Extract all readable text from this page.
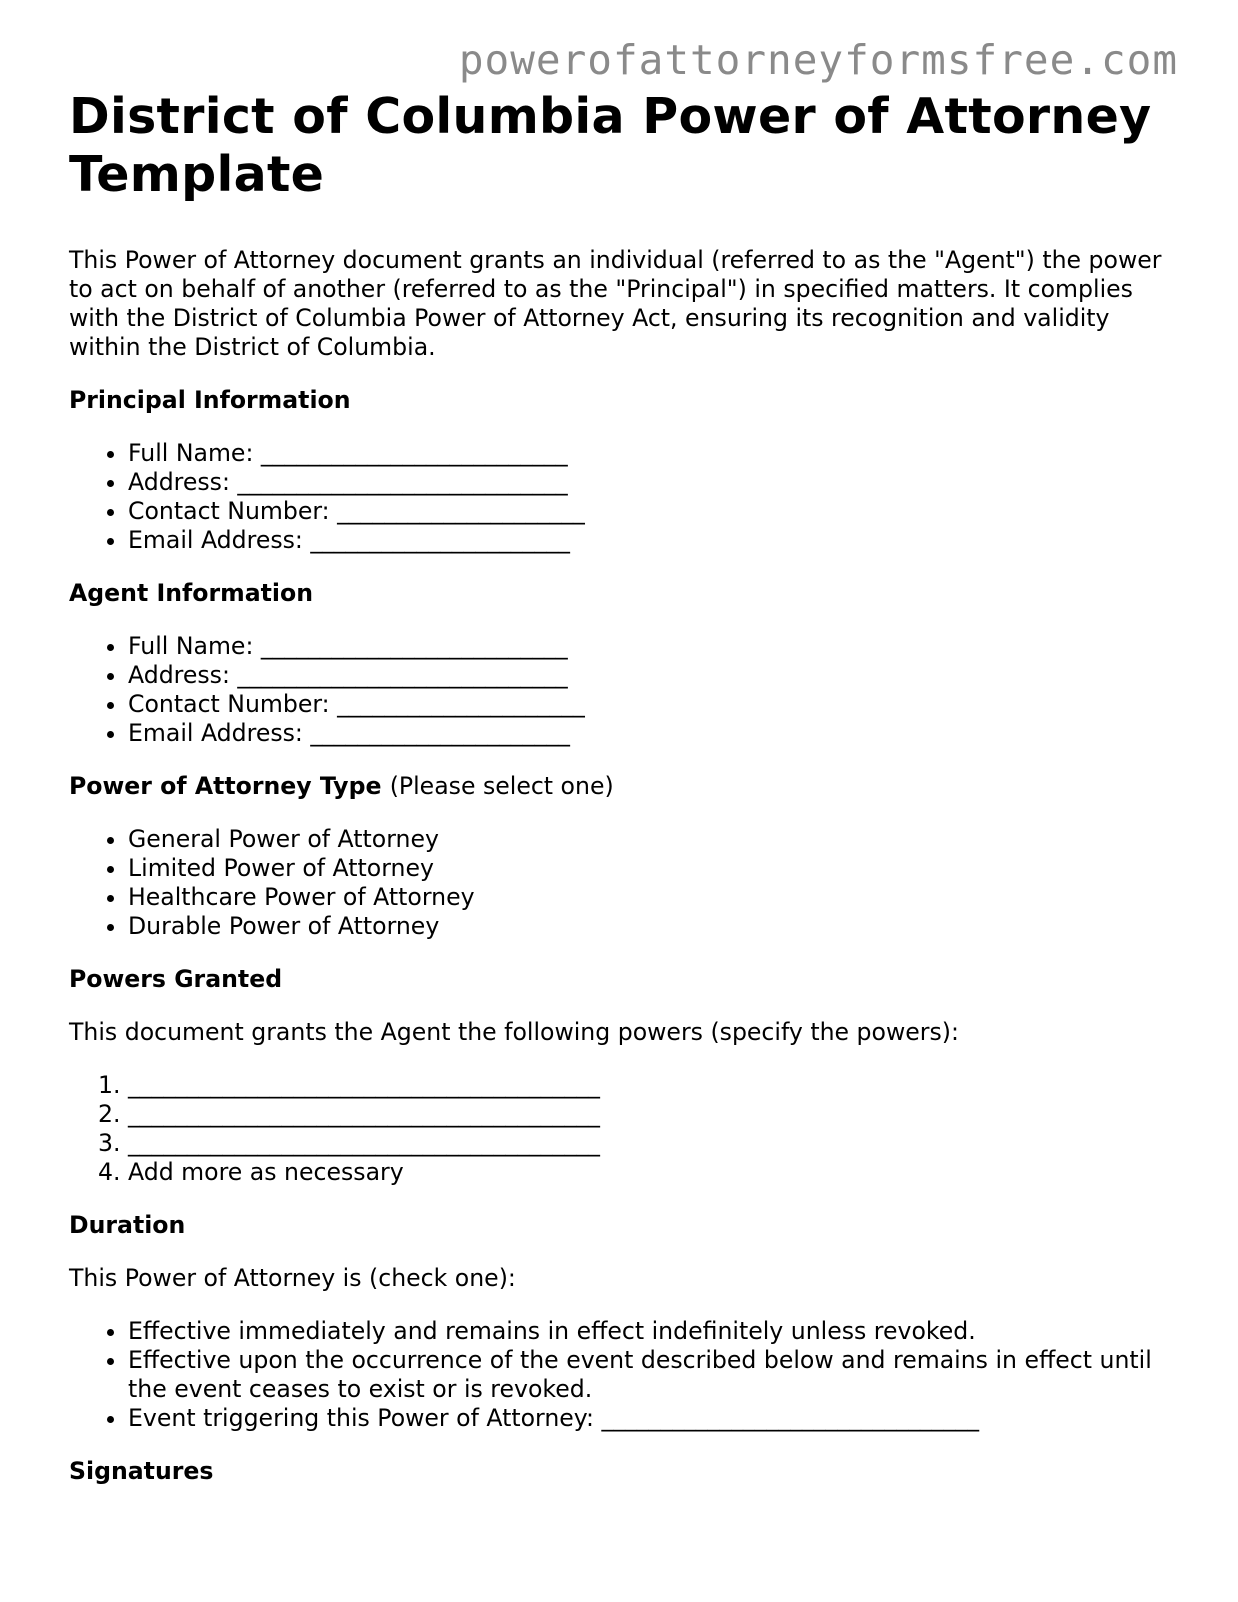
powerofattorneyformsfree.com
District of Columbia Power of Attorney Template

This Power of Attorney document grants an individual (referred to as the "Agent") the power to act on behalf of another (referred to as the "Principal") in specified matters. It complies with the District of Columbia Power of Attorney Act, ensuring its recognition and validity within the District of Columbia.

Principal Information
• Full Name: __________________________
• Address: ____________________________
• Contact Number: _____________________
• Email Address: ______________________
Agent Information
• Full Name: __________________________
• Address: ____________________________
• Contact Number: _____________________
• Email Address: ______________________
Power of Attorney Type (Please select one)
• General Power of Attorney
• Limited Power of Attorney
• Healthcare Power of Attorney
• Durable Power of Attorney
Powers Granted

This document grants the Agent the following powers (specify the powers):

1. ________________________________________
2. ________________________________________
3. ________________________________________
4. Add more as necessary
Duration

This Power of Attorney is (check one):

• Effective immediately and remains in effect indefinitely unless revoked.
• Effective upon the occurrence of the event described below and remains in effect until the event ceases to exist or is revoked.
• Event triggering this Power of Attorney: ________________________________
Signatures
